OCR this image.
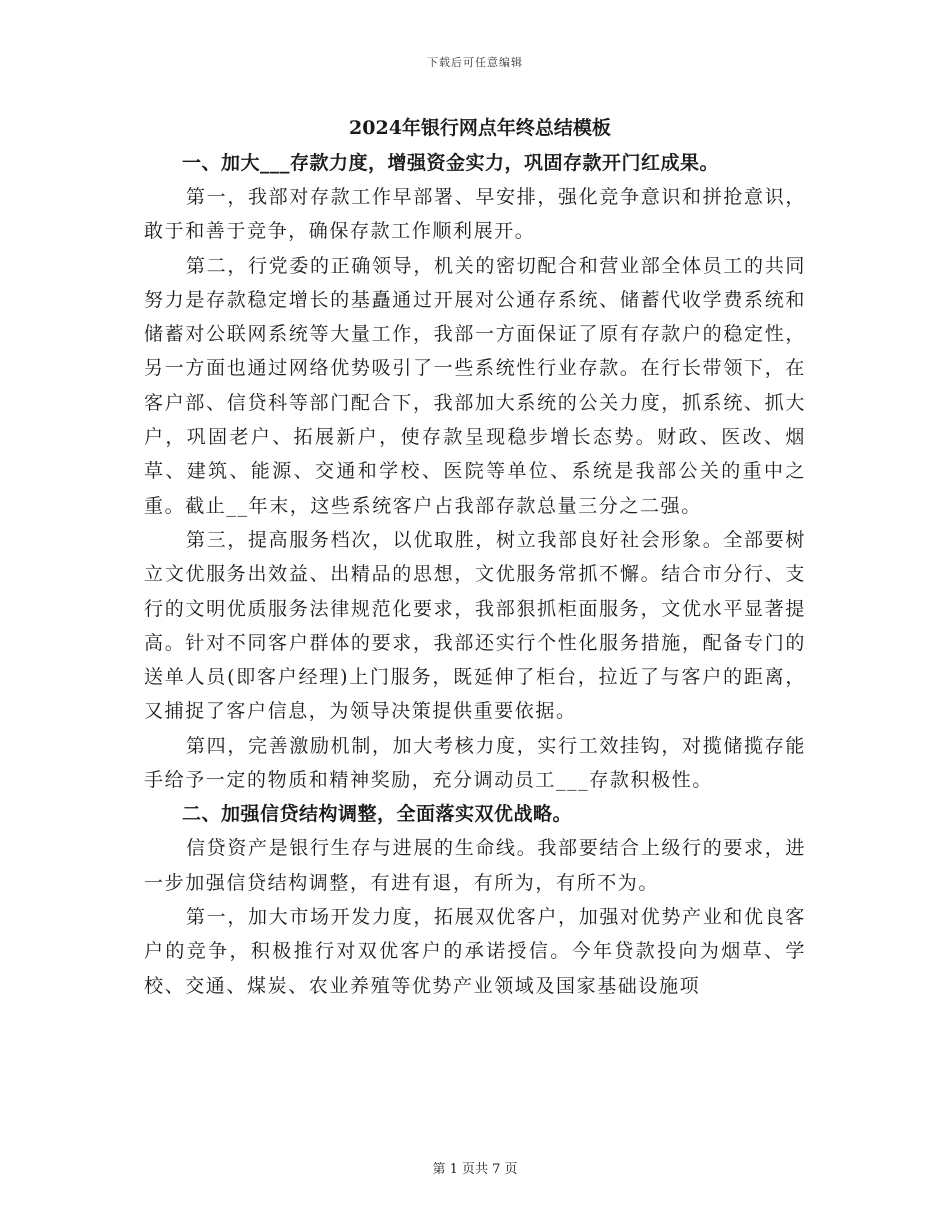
下载后可任意编辑
2024年银行网点年终总结模板

一、加大___存款力度，增强资金实力，巩固存款开门红成果。

第一，我部对存款工作早部署、早安排，强化竞争意识和拼抢意识，敢于和善于竞争，确保存款工作顺利展开。

第二，行党委的正确领导，机关的密切配合和营业部全体员工的共同努力是存款稳定增长的基矗通过开展对公通存系统、储蓄代收学费系统和储蓄对公联网系统等大量工作，我部一方面保证了原有存款户的稳定性，另一方面也通过网络优势吸引了一些系统性行业存款。在行长带领下，在客户部、信贷科等部门配合下，我部加大系统的公关力度，抓系统、抓大户，巩固老户、拓展新户，使存款呈现稳步增长态势。财政、医改、烟草、建筑、能源、交通和学校、医院等单位、系统是我部公关的重中之重。截止__年末，这些系统客户占我部存款总量三分之二强。

第三，提高服务档次，以优取胜，树立我部良好社会形象。全部要树立文优服务出效益、出精品的思想，文优服务常抓不懈。结合市分行、支行的文明优质服务法律规范化要求，我部狠抓柜面服务，文优水平显著提高。针对不同客户群体的要求，我部还实行个性化服务措施，配备专门的送单人员(即客户经理)上门服务，既延伸了柜台，拉近了与客户的距离，又捕捉了客户信息，为领导决策提供重要依据。

第四，完善激励机制，加大考核力度，实行工效挂钩，对揽储揽存能手给予一定的物质和精神奖励，充分调动员工___存款积极性。

二、加强信贷结构调整，全面落实双优战略。

信贷资产是银行生存与进展的生命线。我部要结合上级行的要求，进一步加强信贷结构调整，有进有退，有所为，有所不为。

第一，加大市场开发力度，拓展双优客户，加强对优势产业和优良客户的竞争，积极推行对双优客户的承诺授信。今年贷款投向为烟草、学校、交通、煤炭、农业养殖等优势产业领域及国家基础设施项

第 1 页共 7 页
